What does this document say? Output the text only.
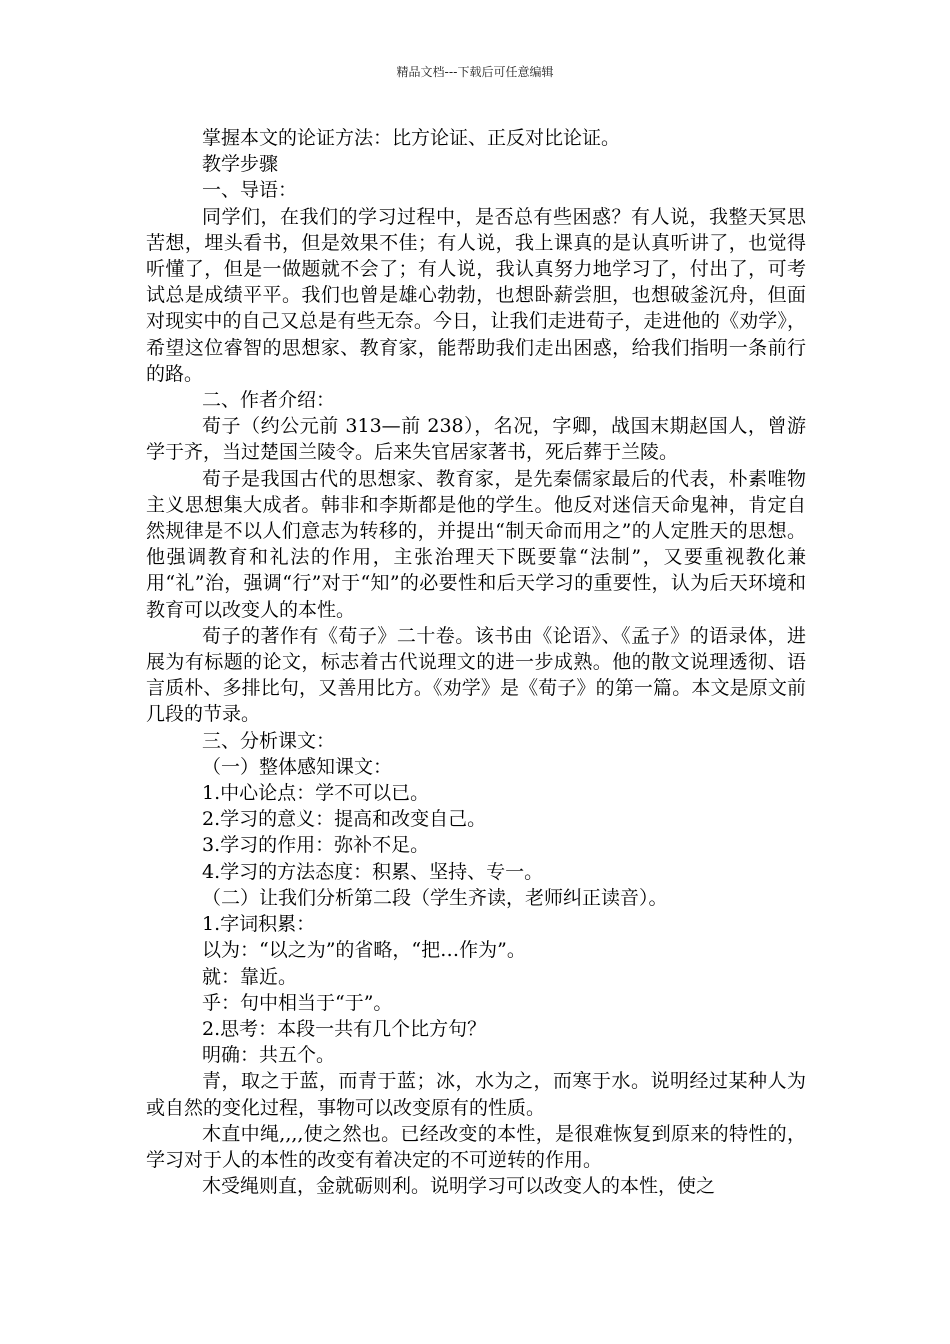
精品文档---下载后可任意编辑

掌握本文的论证方法：比方论证、正反对比论证。

教学步骤

一、导语：

同学们，在我们的学习过程中，是否总有些困惑？有人说，我整天冥思苦想，埋头看书，但是效果不佳；有人说，我上课真的是认真听讲了，也觉得听懂了，但是一做题就不会了；有人说，我认真努力地学习了，付出了，可考试总是成绩平平。我们也曾是雄心勃勃，也想卧薪尝胆，也想破釜沉舟，但面对现实中的自己又总是有些无奈。今日，让我们走进荀子，走进他的《劝学》，希望这位睿智的思想家、教育家，能帮助我们走出困惑，给我们指明一条前行的路。

二、作者介绍：

荀子（约公元前 313—前 238），名况，字卿，战国末期赵国人，曾游学于齐，当过楚国兰陵令。后来失官居家著书，死后葬于兰陵。

荀子是我国古代的思想家、教育家，是先秦儒家最后的代表，朴素唯物主义思想集大成者。韩非和李斯都是他的学生。他反对迷信天命鬼神，肯定自然规律是不以人们意志为转移的，并提出“制天命而用之”的人定胜天的思想。他强调教育和礼法的作用，主张治理天下既要靠“法制”，又要重视教化兼用“礼”治，强调“行”对于“知”的必要性和后天学习的重要性，认为后天环境和教育可以改变人的本性。

荀子的著作有《荀子》二十卷。该书由《论语》、《孟子》的语录体，进展为有标题的论文，标志着古代说理文的进一步成熟。他的散文说理透彻、语言质朴、多排比句，又善用比方。《劝学》是《荀子》的第一篇。本文是原文前几段的节录。

三、分析课文：

（一）整体感知课文：

1.中心论点：学不可以已。

2.学习的意义：提高和改变自己。

3.学习的作用：弥补不足。

4.学习的方法态度：积累、坚持、专一。

（二）让我们分析第二段（学生齐读，老师纠正读音）。

1.字词积累：

以为：“以之为”的省略，“把…作为”。

就：靠近。

乎：句中相当于“于”。

2.思考：本段一共有几个比方句？

明确：共五个。

青，取之于蓝，而青于蓝；冰，水为之，而寒于水。说明经过某种人为或自然的变化过程，事物可以改变原有的性质。

木直中绳,,,,使之然也。已经改变的本性，是很难恢复到原来的特性的，学习对于人的本性的改变有着决定的不可逆转的作用。

木受绳则直，金就砺则利。说明学习可以改变人的本性，使之
